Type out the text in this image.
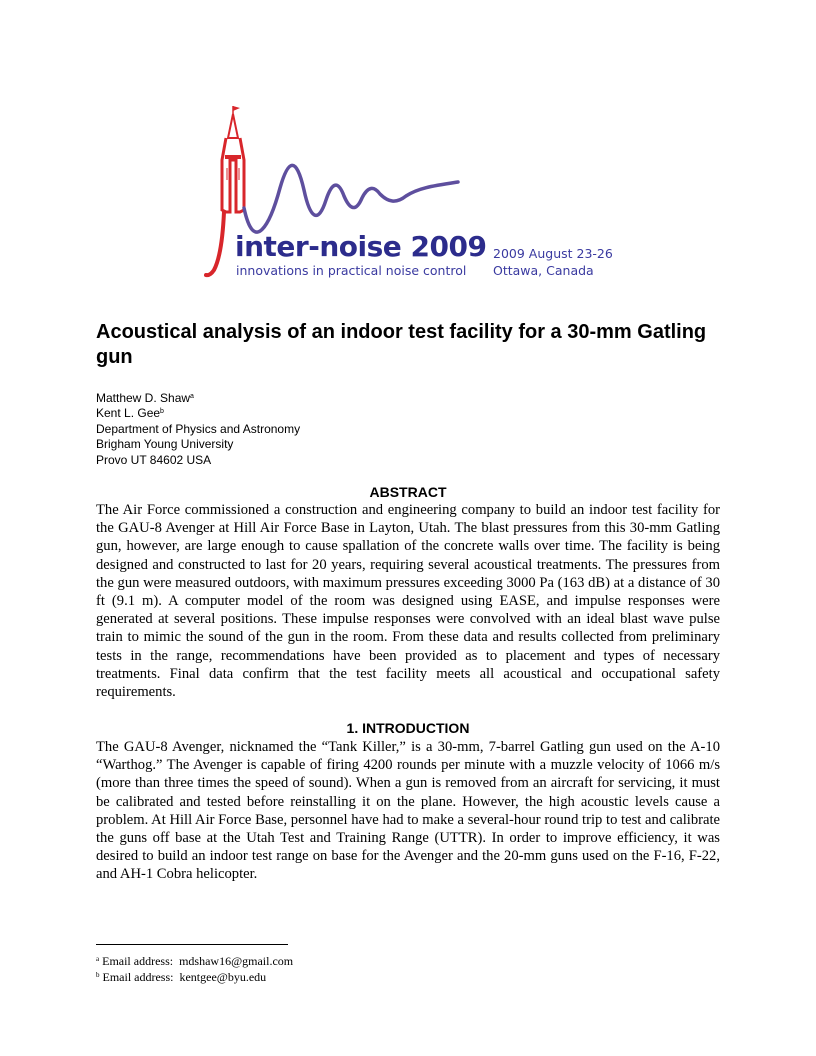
inter-noise 2009
innovations in practical noise control
2009 August 23-26
Ottawa, Canada
Acoustical analysis of an indoor test facility for a 30-mm Gatling gun
Matthew D. Shaw$^a$
Kent L. Gee$^b$
Department of Physics and Astronomy
Brigham Young University
Provo UT 84602 USA
ABSTRACT

The Air Force commissioned a construction and engineering company to build an indoor test facility for the GAU-8 Avenger at Hill Air Force Base in Layton, Utah. The blast pressures from this 30-mm Gatling gun, however, are large enough to cause spallation of the concrete walls over time. The facility is being designed and constructed to last for 20 years, requiring several acoustical treatments. The pressures from the gun were measured outdoors, with maximum pressures exceeding 3000 Pa (163 dB) at a distance of 30 ft (9.1 m). A computer model of the room was designed using EASE, and impulse responses were generated at several positions. These impulse responses were convolved with an ideal blast wave pulse train to mimic the sound of the gun in the room. From these data and results collected from preliminary tests in the range, recommendations have been provided as to placement and types of necessary treatments. Final data confirm that the test facility meets all acoustical and occupational safety requirements.

1. INTRODUCTION

The GAU-8 Avenger, nicknamed the “Tank Killer,” is a 30-mm, 7-barrel Gatling gun used on the A-10 “Warthog.” The Avenger is capable of firing 4200 rounds per minute with a muzzle velocity of 1066 m/s (more than three times the speed of sound). When a gun is removed from an aircraft for servicing, it must be calibrated and tested before reinstalling it on the plane. However, the high acoustic levels cause a problem. At Hill Air Force Base, personnel have had to make a several-hour round trip to test and calibrate the guns off base at the Utah Test and Training Range (UTTR). In order to improve efficiency, it was desired to build an indoor test range on base for the Avenger and the 20-mm guns used on the F-16, F-22, and AH-1 Cobra helicopter.

$^a$ Email address: mdshaw16@gmail.com
$^b$ Email address: kentgee@byu.edu
